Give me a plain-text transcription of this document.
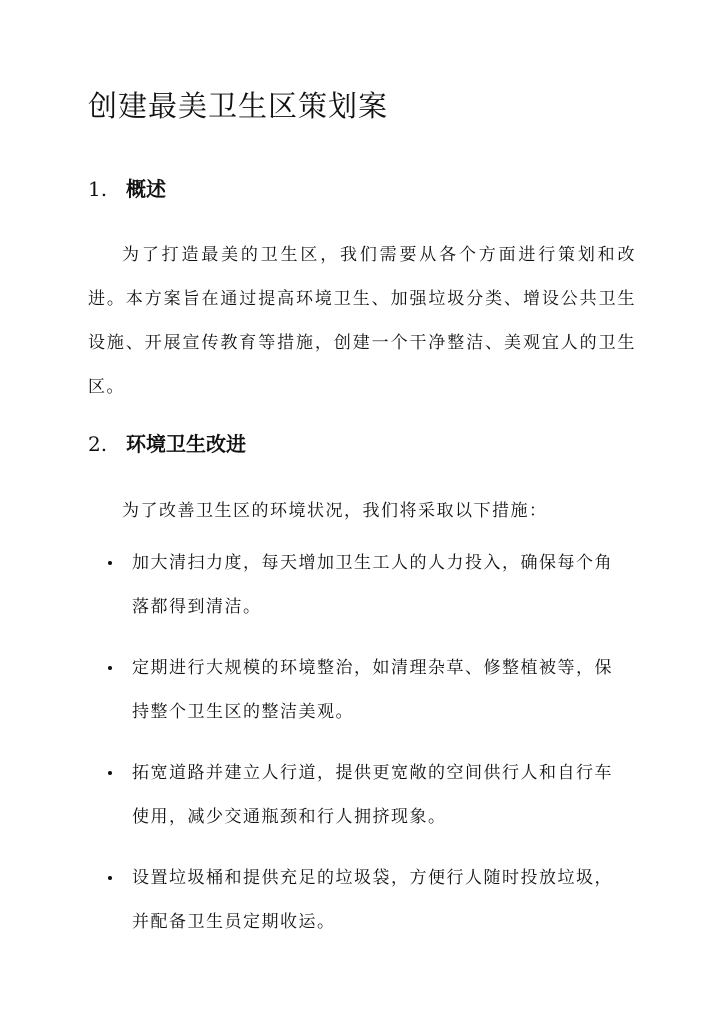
创建最美卫生区策划案
1. 概述

为了打造最美的卫生区，我们需要从各个方面进行策划和改进。本方案旨在通过提高环境卫生、加强垃圾分类、增设公共卫生设施、开展宣传教育等措施，创建一个干净整洁、美观宜人的卫生区。

2. 环境卫生改进

为了改善卫生区的环境状况，我们将采取以下措施：

加大清扫力度，每天增加卫生工人的人力投入，确保每个角落都得到清洁。
定期进行大规模的环境整治，如清理杂草、修整植被等，保持整个卫生区的整洁美观。
拓宽道路并建立人行道，提供更宽敞的空间供行人和自行车使用，减少交通瓶颈和行人拥挤现象。
设置垃圾桶和提供充足的垃圾袋，方便行人随时投放垃圾，并配备卫生员定期收运。
